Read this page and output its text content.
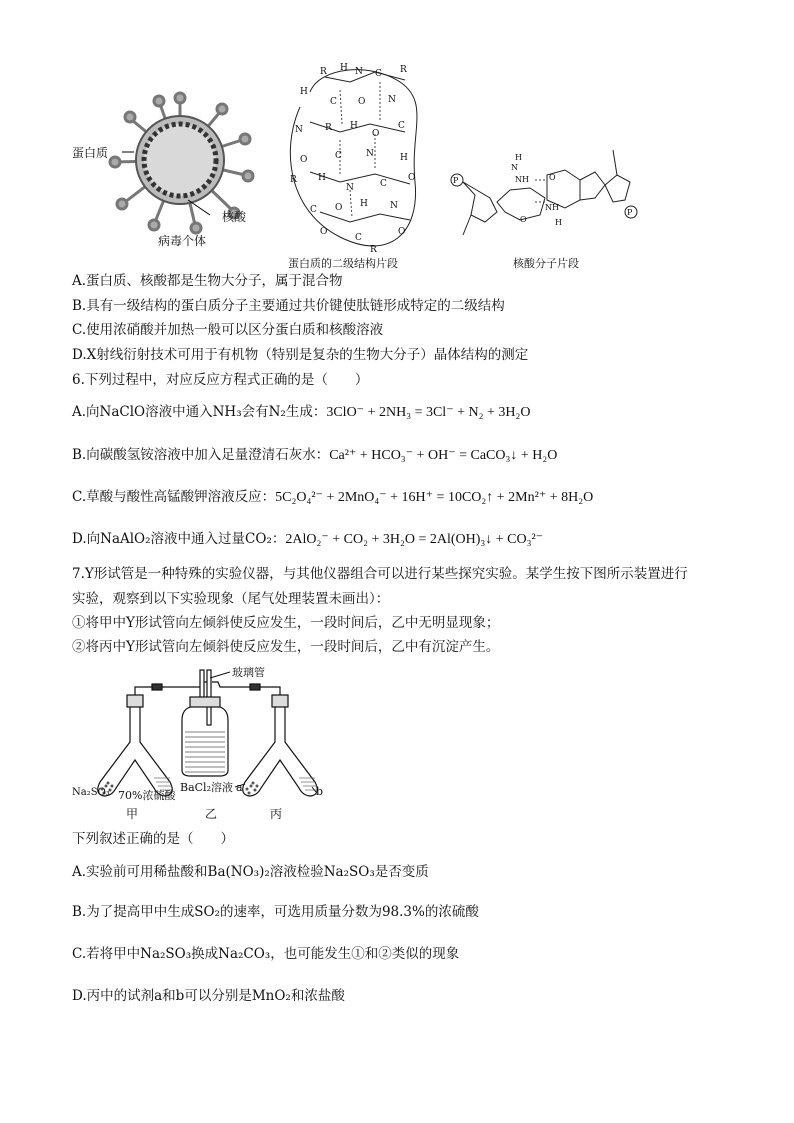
蛋白质
核酸
病毒个体
R H N C R
H
C O	N
N R H
O
C
O	C	N	H
R H
N	C
O
C O H N
O
C
O
R
蛋白质的二级结构片段
P
H
N
NH
O
O
NH
H
P
核酸分子片段
A.蛋白质、核酸都是生物大分子，属于混合物
B.具有一级结构的蛋白质分子主要通过共价键使肽链形成特定的二级结构
C.使用浓硝酸并加热一般可以区分蛋白质和核酸溶液
D.X射线衍射技术可用于有机物（特别是复杂的生物大分子）晶体结构的测定
6.下列过程中，对应反应方程式正确的是（　　）
A.向NaClO溶液中通入NH₃会有N₂生成：3ClO⁻ + 2NH₃ = 3Cl⁻ + N₂ + 3H₂O
B.向碳酸氢铵溶液中加入足量澄清石灰水：Ca²⁺ + HCO₃⁻ + OH⁻ = CaCO₃↓ + H₂O
C.草酸与酸性高锰酸钾溶液反应：5C₂O₄²⁻ + 2MnO₄⁻ + 16H⁺ = 10CO₂↑ + 2Mn²⁺ + 8H₂O
D.向NaAlO₂溶液中通入过量CO₂：2AlO₂⁻ + CO₂ + 3H₂O = 2Al(OH)₃↓ + CO₃²⁻
7.Y形试管是一种特殊的实验仪器，与其他仪器组合可以进行某些探究实验。某学生按下图所示装置进行
实验，观察到以下实验现象（尾气处理装置未画出）：
①将甲中Y形试管向左倾斜使反应发生，一段时间后，乙中无明显现象；
②将丙中Y形试管向左倾斜使反应发生，一段时间后，乙中有沉淀产生。
玻璃管
Na₂SO₃ 70%浓硫酸
BaCl₂溶液 a	b
甲	乙	丙
下列叙述正确的是（　　）
A.实验前可用稀盐酸和Ba(NO₃)₂溶液检验Na₂SO₃是否变质
B.为了提高甲中生成SO₂的速率，可选用质量分数为98.3%的浓硫酸
C.若将甲中Na₂SO₃换成Na₂CO₃，也可能发生①和②类似的现象
D.丙中的试剂a和b可以分别是MnO₂和浓盐酸
